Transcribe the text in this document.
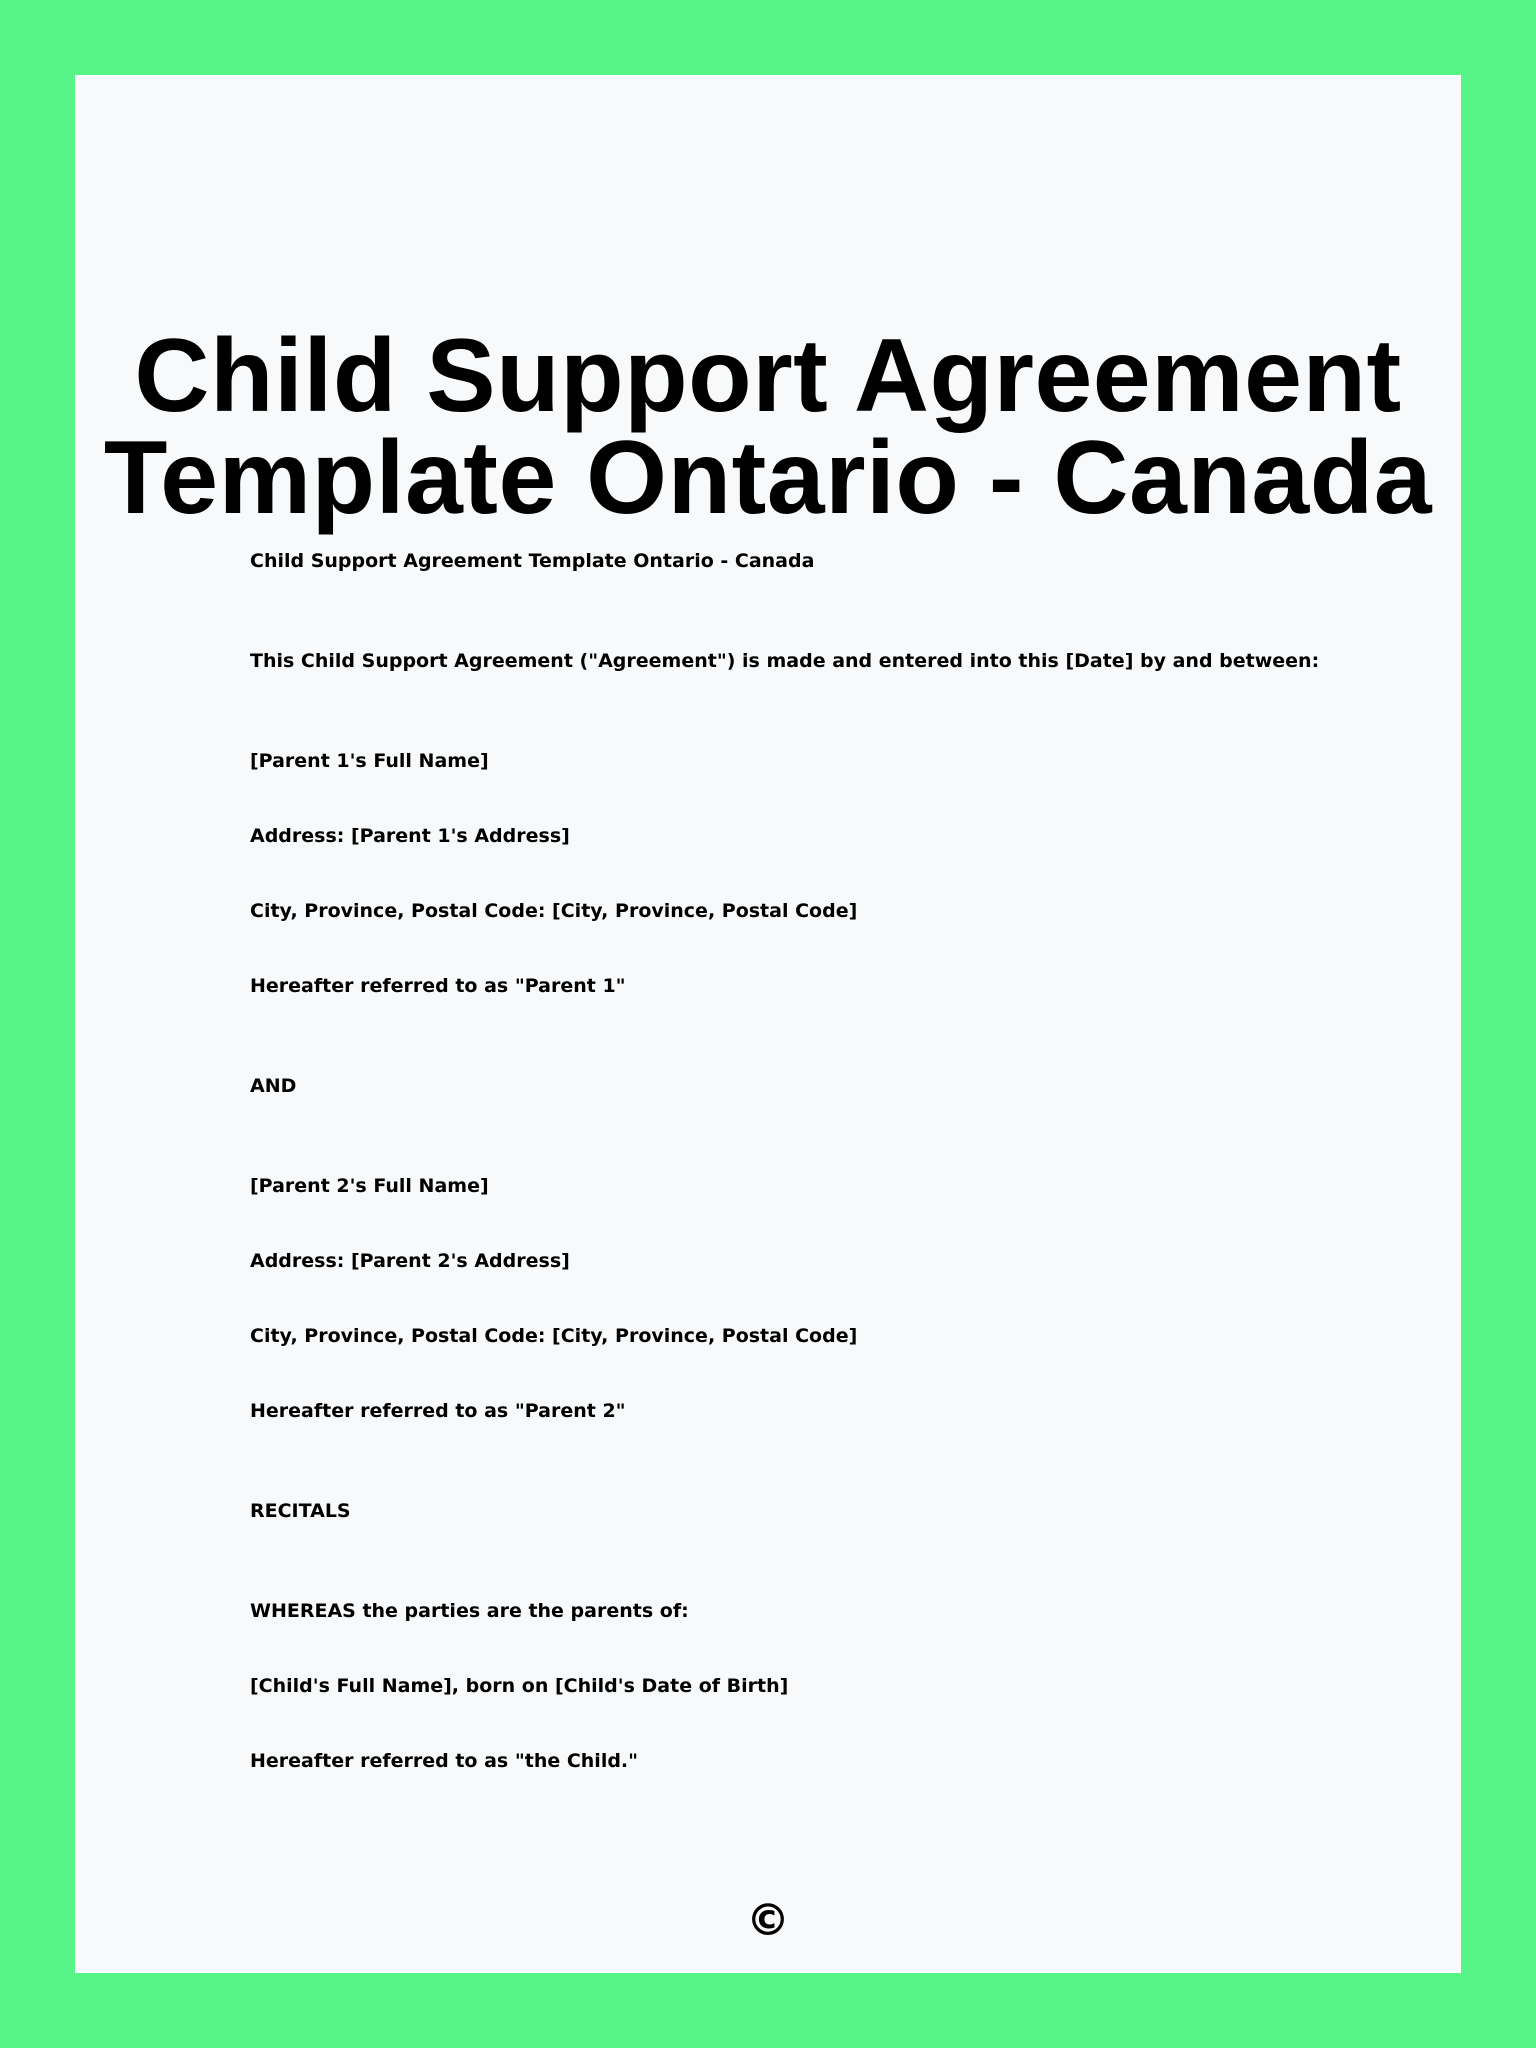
Child Support Agreement
Template Ontario - Canada

Child Support Agreement Template Ontario - Canada

This Child Support Agreement ("Agreement") is made and entered into this [Date] by and between:

[Parent 1's Full Name]

Address: [Parent 1's Address]

City, Province, Postal Code: [City, Province, Postal Code]

Hereafter referred to as "Parent 1"

AND

[Parent 2's Full Name]

Address: [Parent 2's Address]

City, Province, Postal Code: [City, Province, Postal Code]

Hereafter referred to as "Parent 2"

RECITALS

WHEREAS the parties are the parents of:

[Child's Full Name], born on [Child's Date of Birth]

Hereafter referred to as "the Child."

©
